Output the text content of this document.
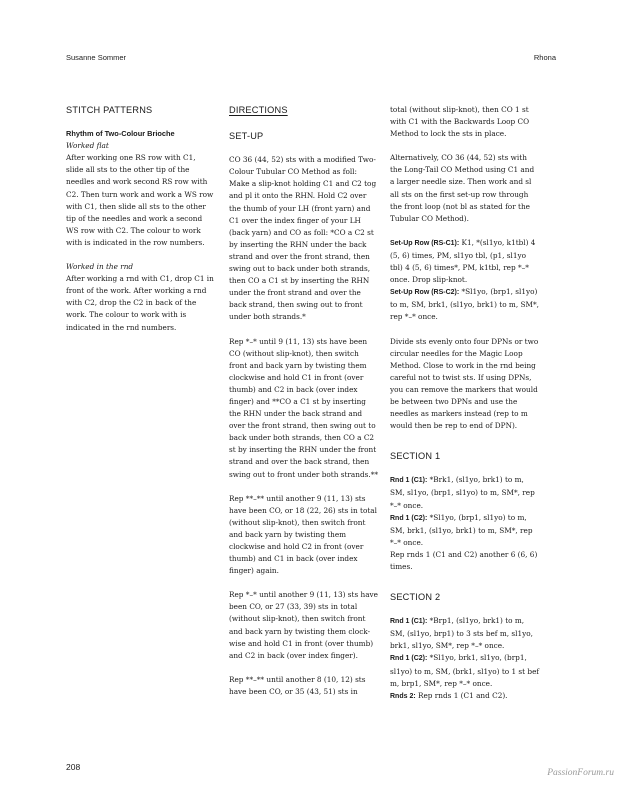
Susanne Sommer	Rhona
STITCH PATTERNS
Rhythm of Two-Colour Brioche
Worked flat

After working one RS row with C1, slide all sts to the other tip of the needles and work second RS row with C2. Then turn work and work a WS row with C1, then slide all sts to the other tip of the needles and work a second WS row with C2. The colour to work with is indicated in the row numbers.

Worked in the rnd

After working a rnd with C1, drop C1 in front of the work. After working a rnd with C2, drop the C2 in back of the work. The colour to work with is indicated in the rnd numbers.

DIRECTIONS
SET-UP

CO 36 (44, 52) sts with a modified Two-Colour Tubular CO Method as foll: Make a slip-knot holding C1 and C2 tog and pl it onto the RHN. Hold C2 over the thumb of your LH (front yarn) and C1 over the index finger of your LH (back yarn) and CO as foll: *CO a C2 st by inserting the RHN under the back strand and over the front strand, then swing out to back under both strands, then CO a C1 st by inserting the RHN under the front strand and over the back strand, then swing out to front under both strands.*

Rep *–* until 9 (11, 13) sts have been CO (without slip-knot), then switch front and back yarn by twisting them clockwise and hold C1 in front (over thumb) and C2 in back (over index finger) and **CO a C1 st by inserting the RHN under the back strand and over the front strand, then swing out to back under both strands, then CO a C2 st by inserting the RHN under the front strand and over the back strand, then swing out to front under both strands.**

Rep **–** until another 9 (11, 13) sts have been CO, or 18 (22, 26) sts in total (without slip-knot), then switch front and back yarn by twisting them clockwise and hold C2 in front (over thumb) and C1 in back (over index finger) again.

Rep *–* until another 9 (11, 13) sts have been CO, or 27 (33, 39) sts in total (without slip-knot), then switch front and back yarn by twisting them clock-wise and hold C1 in front (over thumb) and C2 in back (over index finger).

Rep **–** until another 8 (10, 12) sts have been CO, or 35 (43, 51) sts in

total (without slip-knot), then CO 1 st with C1 with the Backwards Loop CO Method to lock the sts in place.

Alternatively, CO 36 (44, 52) sts with the Long-Tail CO Method using C1 and a larger needle size. Then work and sl all sts on the first set-up row through the front loop (not bl as stated for the Tubular CO Method).

Set-Up Row (RS-C1): K1, *(sl1yo, k1tbl) 4 (5, 6) times, PM, sl1yo tbl, (p1, sl1yo tbl) 4 (5, 6) times*, PM, k1tbl, rep *–* once. Drop slip-knot.

Set-Up Row (RS-C2): *Sl1yo, (brp1, sl1yo) to m, SM, brk1, (sl1yo, brk1) to m, SM*, rep *–* once.

Divide sts evenly onto four DPNs or two circular needles for the Magic Loop Method. Close to work in the rnd being careful not to twist sts. If using DPNs, you can remove the markers that would be between two DPNs and use the needles as markers instead (rep to m would then be rep to end of DPN).

SECTION 1

Rnd 1 (C1): *Brk1, (sl1yo, brk1) to m, SM, sl1yo, (brp1, sl1yo) to m, SM*, rep *–* once.

Rnd 1 (C2): *Sl1yo, (brp1, sl1yo) to m, SM, brk1, (sl1yo, brk1) to m, SM*, rep *–* once.

Rep rnds 1 (C1 and C2) another 6 (6, 6) times.

SECTION 2

Rnd 1 (C1): *Brp1, (sl1yo, brk1) to m, SM, (sl1yo, brp1) to 3 sts bef m, sl1yo, brk1, sl1yo, SM*, rep *–* once.

Rnd 1 (C2): *Sl1yo, brk1, sl1yo, (brp1, sl1yo) to m, SM, (brk1, sl1yo) to 1 st bef m, brp1, SM*, rep *–* once.

Rnds 2: Rep rnds 1 (C1 and C2).

208
PassionForum.ru
